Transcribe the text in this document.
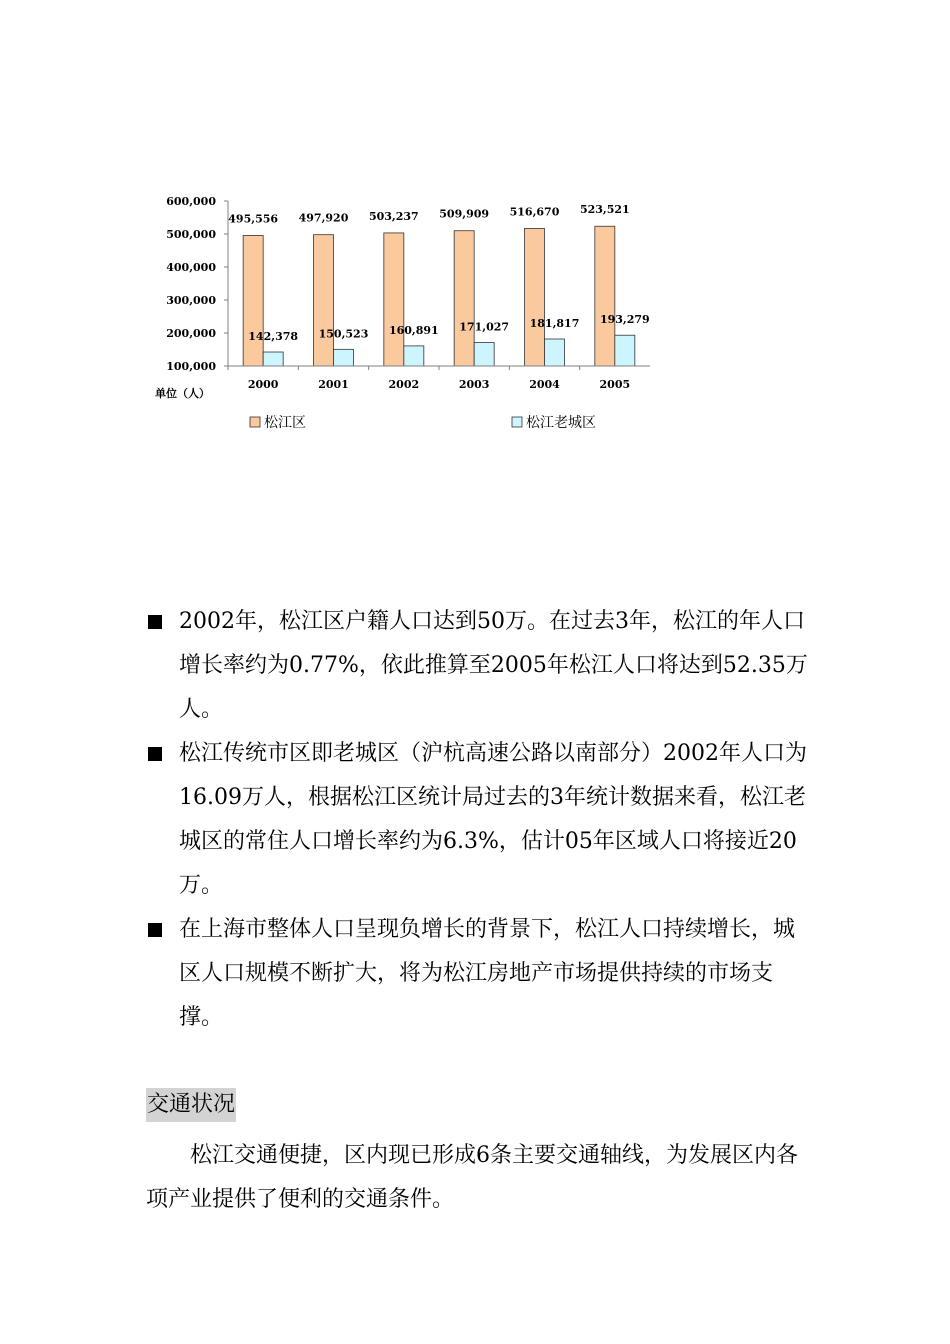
100,000
200,000
300,000
400,000
500,000
600,000
单位（人）
495,556
142,378
497,920
150,523
503,237
160,891
509,909
171,027
516,670
181,817
523,521
193,279
2000	2001	2002	2003	2004	2005
松江区	松江老城区
2002年，松江区户籍人口达到50万。在过去3年，松江的年人口增长率约为0.77%，依此推算至2005年松江人口将达到52.35万人。
松江传统市区即老城区（沪杭高速公路以南部分）2002年人口为16.09万人，根据松江区统计局过去的3年统计数据来看，松江老城区的常住人口增长率约为6.3%，估计05年区域人口将接近20万。
在上海市整体人口呈现负增长的背景下，松江人口持续增长，城区人口规模不断扩大，将为松江房地产市场提供持续的市场支撑。
交通状况
松江交通便捷，区内现已形成6条主要交通轴线，为发展区内各项产业提供了便利的交通条件。
